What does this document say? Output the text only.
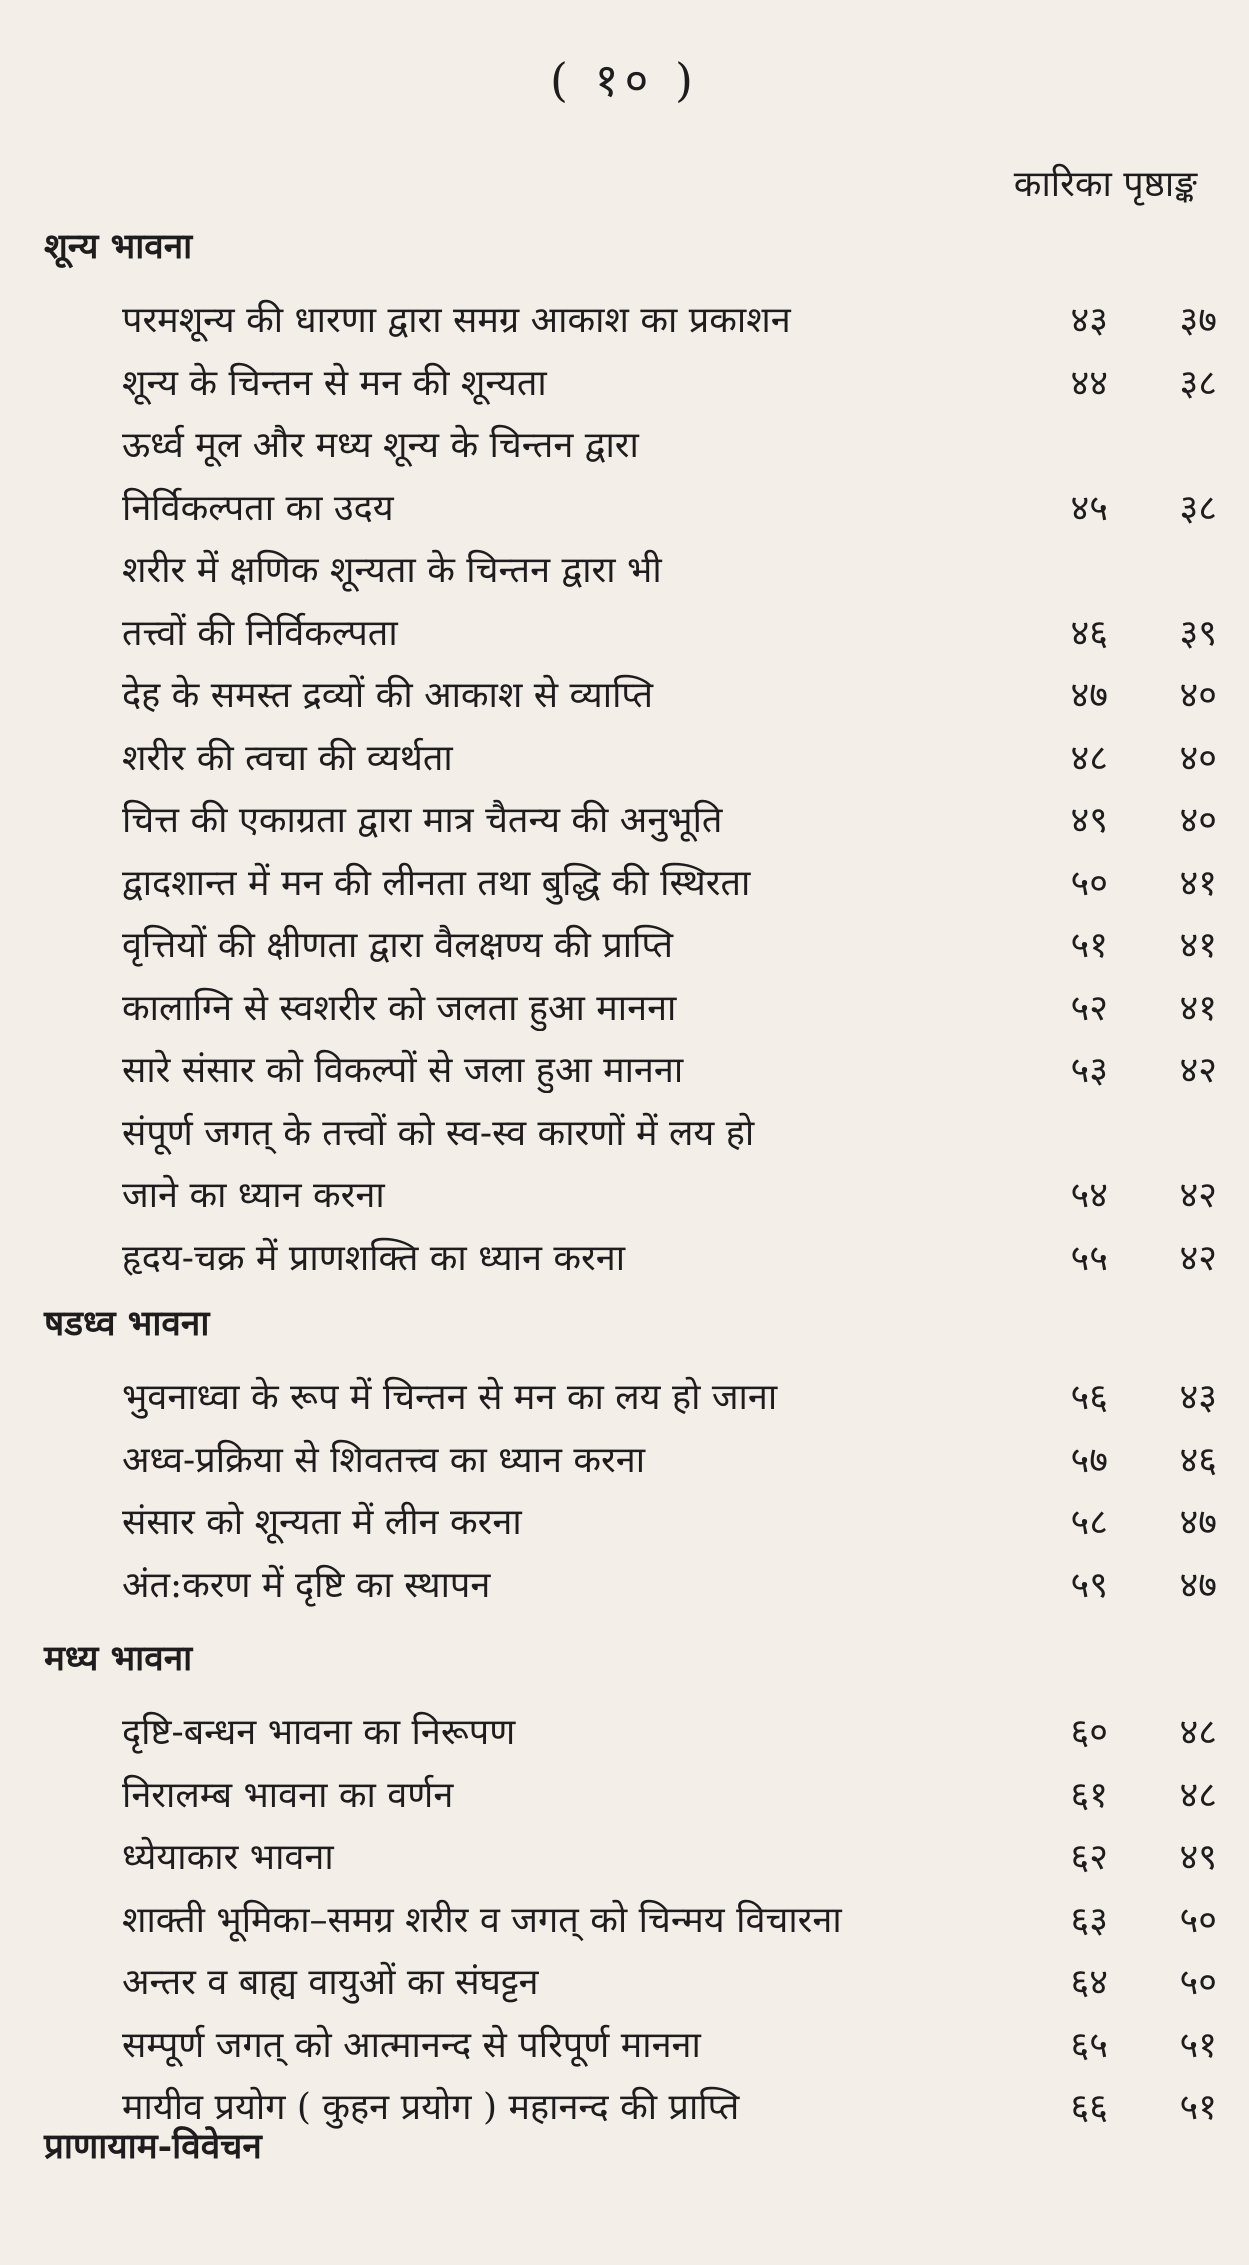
( १० )
कारिका पृष्ठाङ्क
शून्य भावना
परमशून्य की धारणा द्वारा समग्र आकाश का प्रकाशन	४३	३७
शून्य के चिन्तन से मन की शून्यता	४४	३८
ऊर्ध्व मूल और मध्य शून्य के चिन्तन द्वारा
निर्विकल्पता का उदय	४५	३८
शरीर में क्षणिक शून्यता के चिन्तन द्वारा भी
तत्त्वों की निर्विकल्पता	४६	३९
देह के समस्त द्रव्यों की आकाश से व्याप्ति	४७	४०
शरीर की त्वचा की व्यर्थता	४८	४०
चित्त की एकाग्रता द्वारा मात्र चैतन्य की अनुभूति	४९	४०
द्वादशान्त में मन की लीनता तथा बुद्धि की स्थिरता	५०	४१
वृत्तियों की क्षीणता द्वारा वैलक्षण्य की प्राप्ति	५१	४१
कालाग्नि से स्वशरीर को जलता हुआ मानना	५२	४१
सारे संसार को विकल्पों से जला हुआ मानना	५३	४२
संपूर्ण जगत् के तत्त्वों को स्व-स्व कारणों में लय हो
जाने का ध्यान करना	५४	४२
हृदय-चक्र में प्राणशक्ति का ध्यान करना	५५	४२
षडध्व भावना
भुवनाध्वा के रूप में चिन्तन से मन का लय हो जाना	५६	४३
अध्व-प्रक्रिया से शिवतत्त्व का ध्यान करना	५७	४६
संसार को शून्यता में लीन करना	५८	४७
अंत:करण में दृष्टि का स्थापन	५९	४७
मध्य भावना
दृष्टि-बन्धन भावना का निरूपण	६०	४८
निरालम्ब भावना का वर्णन	६१	४८
ध्येयाकार भावना	६२	४९
शाक्ती भूमिका–समग्र शरीर व जगत् को चिन्मय विचारना	६३	५०
अन्तर व बाह्य वायुओं का संघट्टन	६४	५०
सम्पूर्ण जगत् को आत्मानन्द से परिपूर्ण मानना	६५	५१
मायीव प्रयोग ( कुहन प्रयोग ) महानन्द की प्राप्ति	६६	५१
प्राणायाम-विवेचन
